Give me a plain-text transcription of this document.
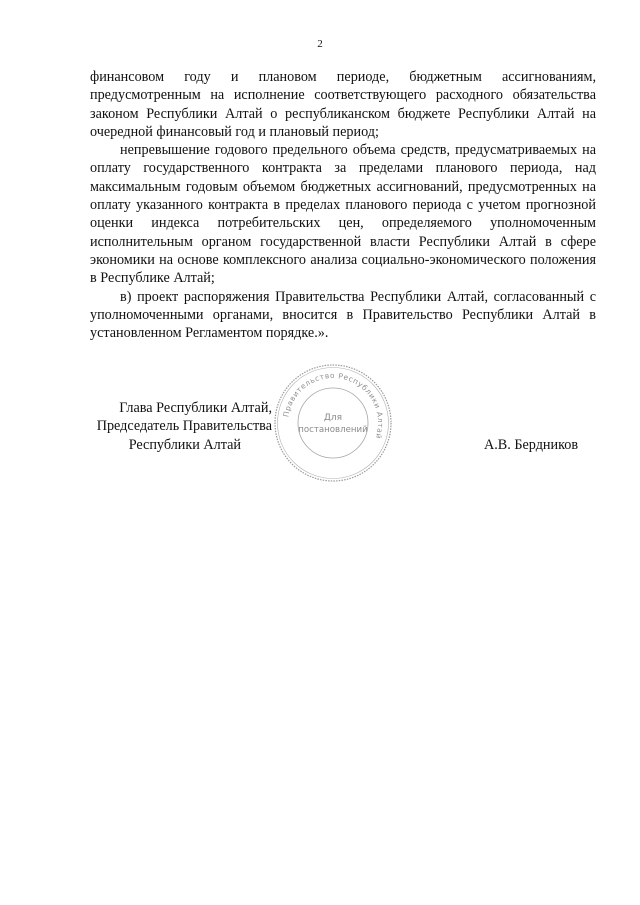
2

финансовом году и плановом периоде, бюджетным ассигнованиям, предусмотренным на исполнение соответствующего расходного обязательства законом Республики Алтай о республиканском бюджете Республики Алтай на очередной финансовый год и плановый период;

непревышение годового предельного объема средств, предусматриваемых на оплату государственного контракта за пределами планового периода, над максимальным годовым объемом бюджетных ассигнований, предусмотренных на оплату указанного контракта в пределах планового периода с учетом прогнозной оценки индекса потребительских цен, определяемого уполномоченным исполнительным органом государственной власти Республики Алтай в сфере экономики на основе комплексного анализа социально-экономического положения в Республике Алтай;

в) проект распоряжения Правительства Республики Алтай, согласованный с уполномоченными органами, вносится в Правительство Республики Алтай в установленном Регламентом порядке.».

Глава Республики Алтай,
Председатель Правительства
Республики Алтай	А.В. Бердников
Правительство Республики Алтай
Для
постановлений
